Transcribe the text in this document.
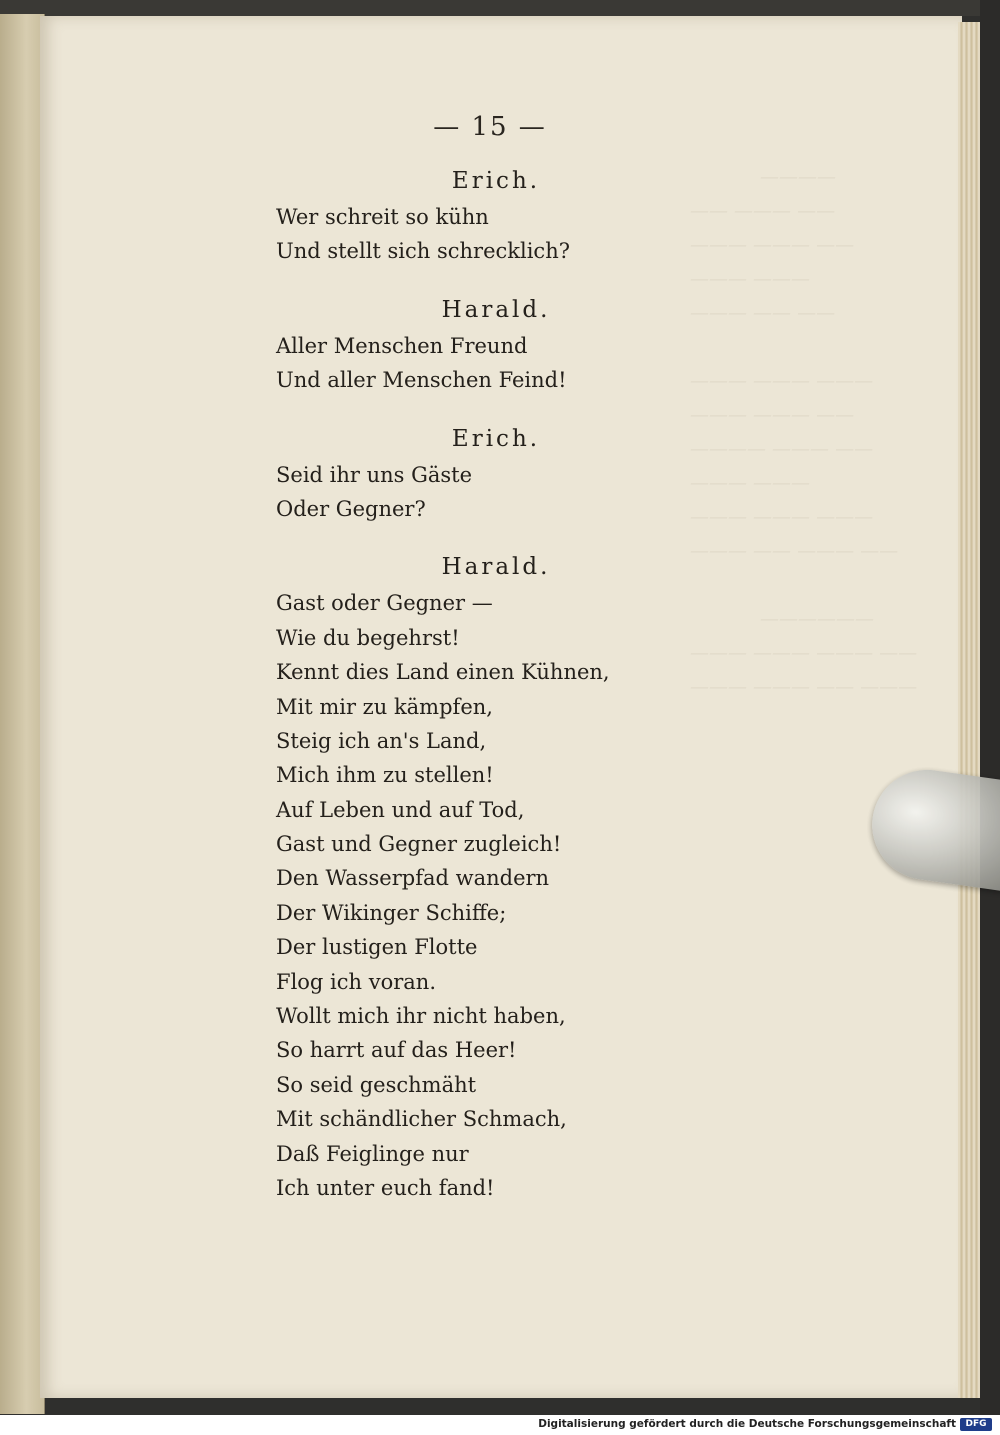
————
—— ——— ——
——— ——— ——
——— ———
——— —— ——

——— ——— ———
——— ——— ——
———— ——— ——
——— ———
——— ——— ———
——— —— ——— ——

——————
——— ——— ——— ——
——— ——— —— ———
— 15 —
Erich.
Wer schreit so kühn
Und stellt sich schrecklich?
Harald.
Aller Menschen Freund
Und aller Menschen Feind!
Erich.
Seid ihr uns Gäste
Oder Gegner?
Harald.
Gast oder Gegner —
Wie du begehrst!
Kennt dies Land einen Kühnen,
Mit mir zu kämpfen,
Steig ich an's Land,
Mich ihm zu stellen!
Auf Leben und auf Tod,
Gast und Gegner zugleich!
Den Wasserpfad wandern
Der Wikinger Schiffe;
Der lustigen Flotte
Flog ich voran.
Wollt mich ihr nicht haben,
So harrt auf das Heer!
So seid geschmäht
Mit schändlicher Schmach,
Daß Feiglinge nur
Ich unter euch fand!
Digitalisierung gefördert durch die Deutsche Forschungsgemeinschaft	DFG
